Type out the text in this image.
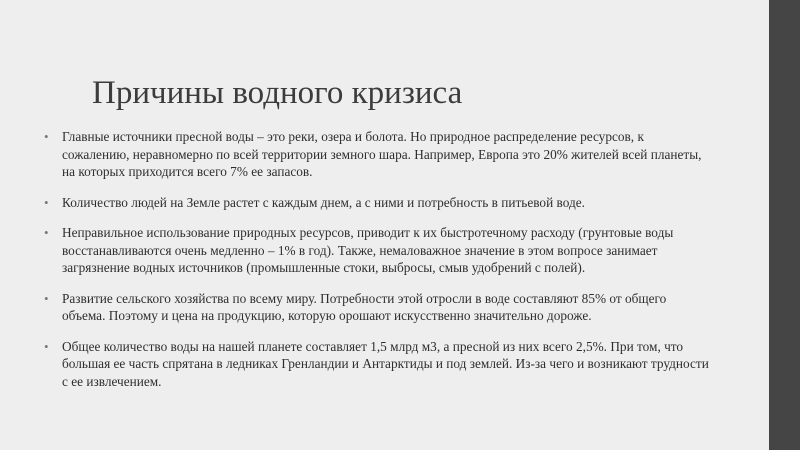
Причины водного кризиса
• Главные источники пресной воды – это реки, озера и болота. Но природное распределение ресурсов, к сожалению, неравномерно по всей территории земного шара. Например, Европа это 20% жителей всей планеты, на которых приходится всего 7% ее запасов.
• Количество людей на Земле растет с каждым днем, а с ними и потребность в питьевой воде.
• Неправильное использование природных ресурсов, приводит к их быстротечному расходу (грунтовые воды восстанавливаются очень медленно – 1% в год). Также, немаловажное значение в этом вопросе занимает загрязнение водных источников (промышленные стоки, выбросы, смыв удобрений с полей).
• Развитие сельского хозяйства по всему миру. Потребности этой отросли в воде составляют 85% от общего объема. Поэтому и цена на продукцию, которую орошают искусственно значительно дороже.
• Общее количество воды на нашей планете составляет 1,5 млрд м3, а пресной из них всего 2,5%. При том, что большая ее часть спрятана в ледниках Гренландии и Антарктиды и под землей. Из-за чего и возникают трудности с ее извлечением.
